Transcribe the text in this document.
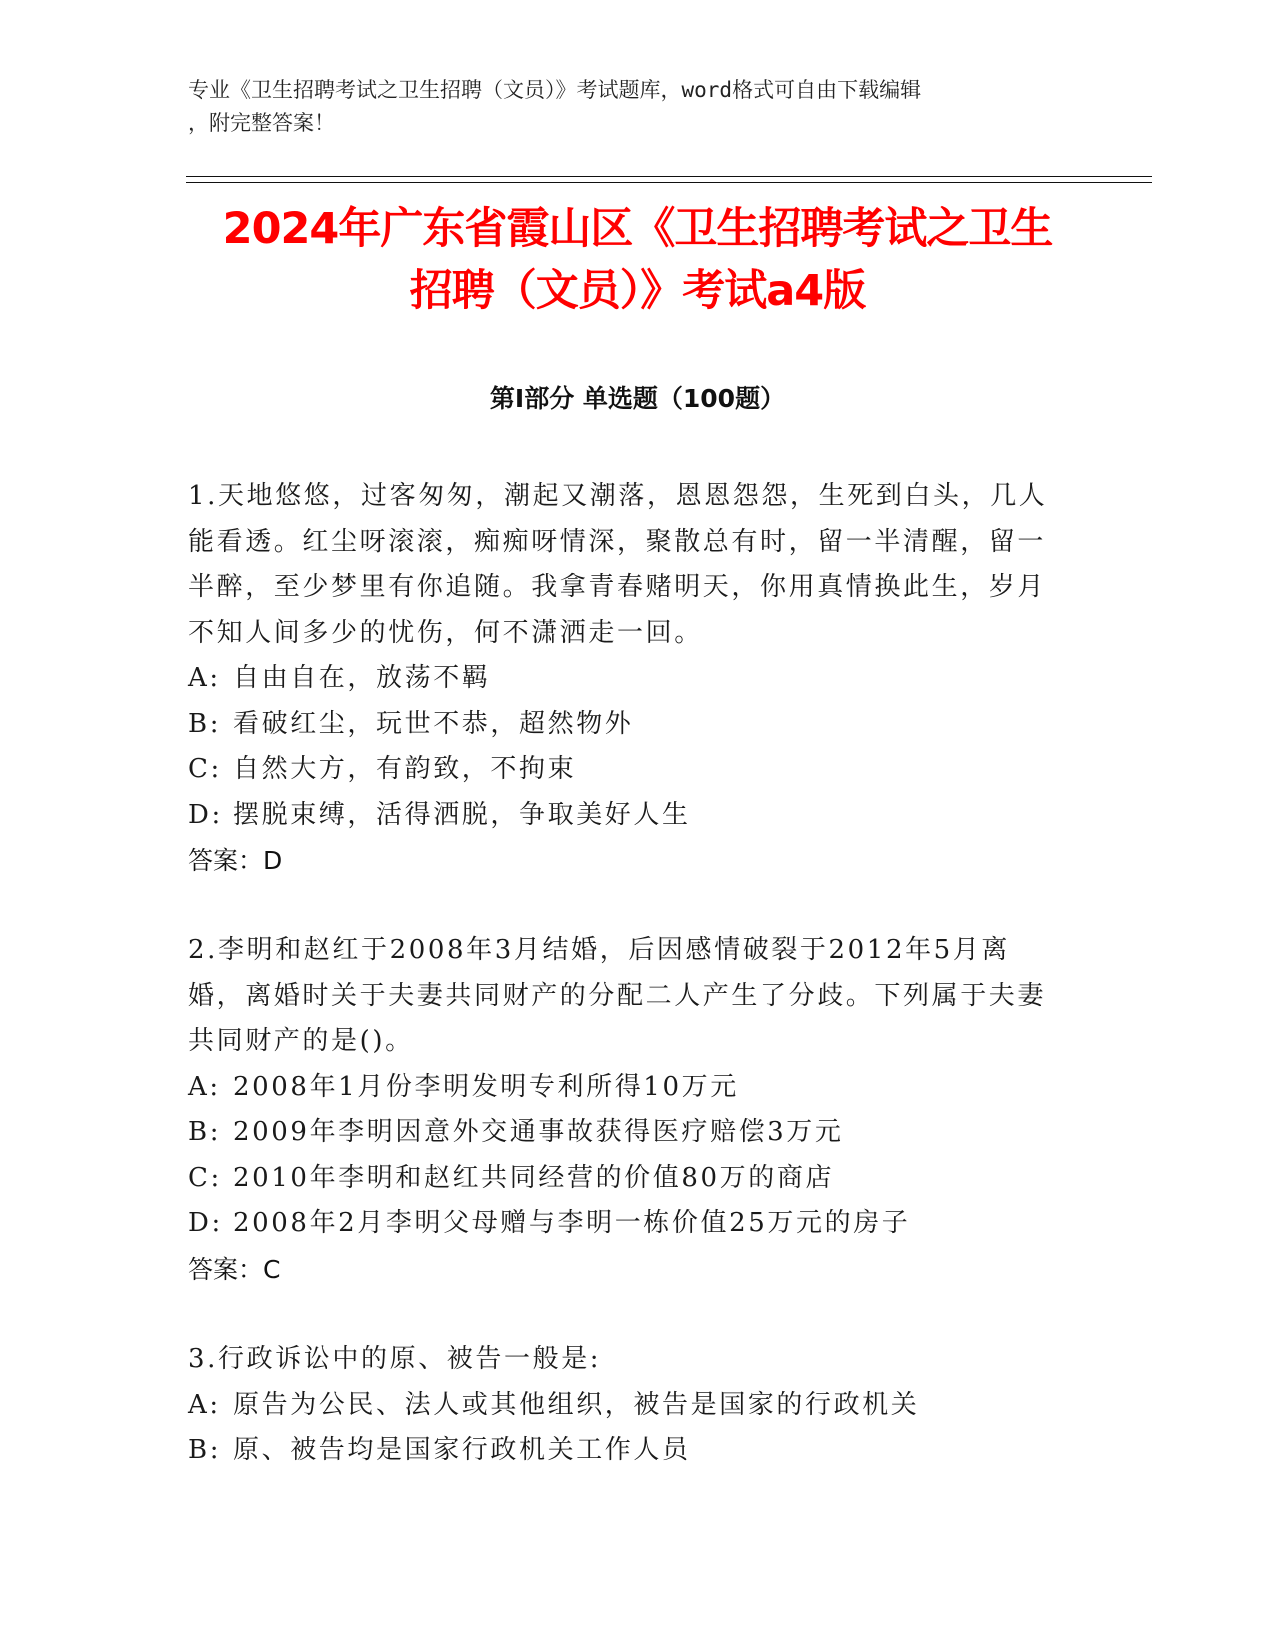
专业《卫生招聘考试之卫生招聘（文员）》考试题库，word格式可自由下载编辑
，附完整答案！
2024年广东省霞山区《卫生招聘考试之卫生
招聘（文员）》考试a4版
第Ⅰ部分 单选题（100题）

1.天地悠悠，过客匆匆，潮起又潮落，恩恩怨怨，生死到白头，几人能看透。红尘呀滚滚，痴痴呀情深，聚散总有时，留一半清醒，留一半醉，至少梦里有你追随。我拿青春赌明天，你用真情换此生，岁月不知人间多少的忧伤，何不潇洒走一回。

A: 自由自在，放荡不羁

B: 看破红尘，玩世不恭，超然物外

C: 自然大方，有韵致，不拘束

D: 摆脱束缚，活得洒脱，争取美好人生

答案：D

2.李明和赵红于2008年3月结婚，后因感情破裂于2012年5月离婚，离婚时关于夫妻共同财产的分配二人产生了分歧。下列属于夫妻共同财产的是()。

A: 2008年1月份李明发明专利所得10万元

B: 2009年李明因意外交通事故获得医疗赔偿3万元

C: 2010年李明和赵红共同经营的价值80万的商店

D: 2008年2月李明父母赠与李明一栋价值25万元的房子

答案：C

3.行政诉讼中的原、被告一般是:

A: 原告为公民、法人或其他组织，被告是国家的行政机关

B: 原、被告均是国家行政机关工作人员
